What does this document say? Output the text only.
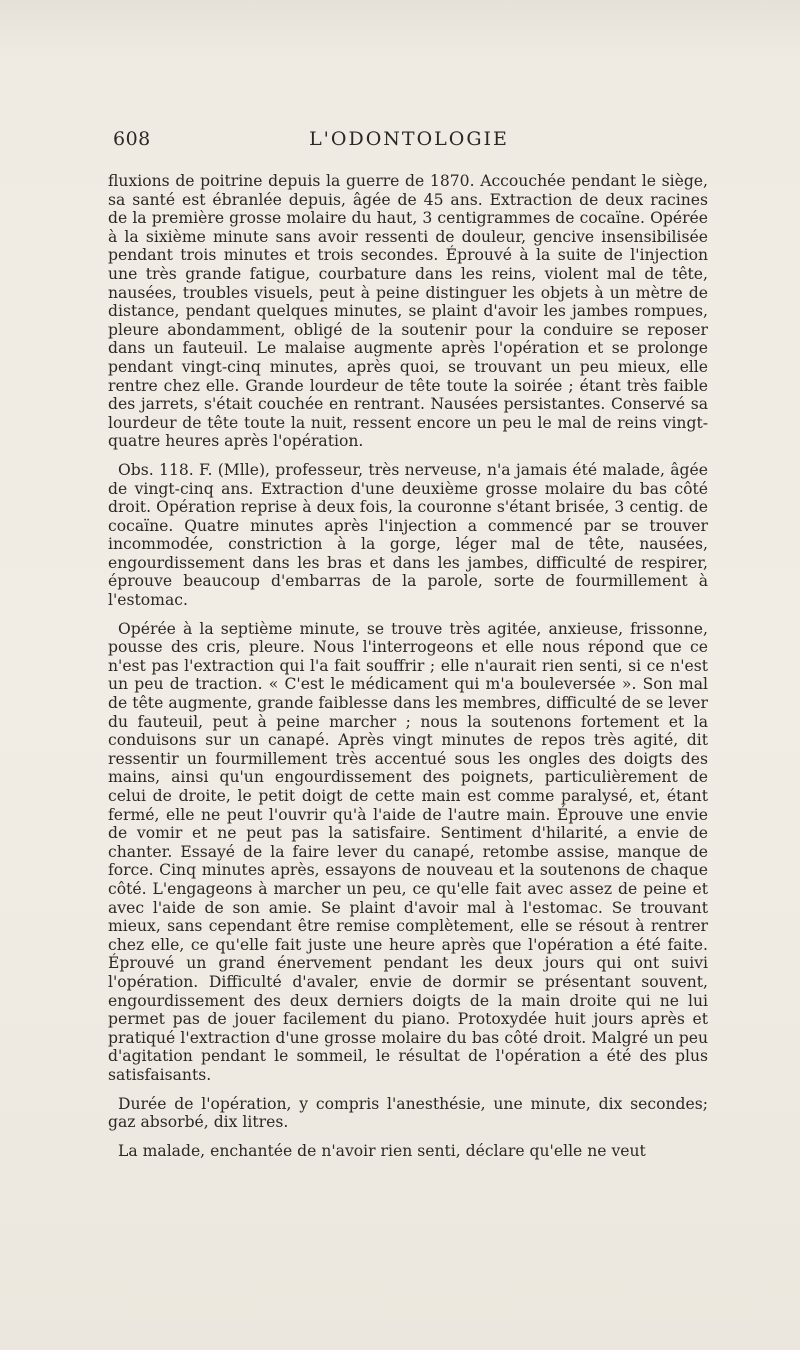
608	L'ODONTOLOGIE

fluxions de poitrine depuis la guerre de 1870. Accouchée pendant le siège, sa santé est ébranlée depuis, âgée de 45 ans. Extraction de deux racines de la première grosse molaire du haut, 3 centigrammes de cocaïne. Opérée à la sixième minute sans avoir ressenti de douleur, gencive insensibilisée pendant trois minutes et trois secondes. Éprouvé à la suite de l'injection une très grande fatigue, courbature dans les reins, violent mal de tête, nausées, troubles visuels, peut à peine distinguer les objets à un mètre de distance, pendant quelques minutes, se plaint d'avoir les jambes rompues, pleure abondamment, obligé de la soutenir pour la conduire se reposer dans un fauteuil. Le malaise augmente après l'opération et se prolonge pendant vingt-cinq minutes, après quoi, se trouvant un peu mieux, elle rentre chez elle. Grande lourdeur de tête toute la soirée ; étant très faible des jarrets, s'était couchée en rentrant. Nausées persistantes. Conservé sa lourdeur de tête toute la nuit, ressent encore un peu le mal de reins vingt-quatre heures après l'opération.

Obs. 118. F. (Mlle), professeur, très nerveuse, n'a jamais été malade, âgée de vingt-cinq ans. Extraction d'une deuxième grosse molaire du bas côté droit. Opération reprise à deux fois, la couronne s'étant brisée, 3 centig. de cocaïne. Quatre minutes après l'injection a commencé par se trouver incommodée, constriction à la gorge, léger mal de tête, nausées, engourdissement dans les bras et dans les jambes, difficulté de respirer, éprouve beaucoup d'embarras de la parole, sorte de fourmillement à l'estomac.

Opérée à la septième minute, se trouve très agitée, anxieuse, frissonne, pousse des cris, pleure. Nous l'interrogeons et elle nous répond que ce n'est pas l'extraction qui l'a fait souffrir ; elle n'aurait rien senti, si ce n'est un peu de traction. « C'est le médicament qui m'a bouleversée ». Son mal de tête augmente, grande faiblesse dans les membres, difficulté de se lever du fauteuil, peut à peine marcher ; nous la soutenons fortement et la conduisons sur un canapé. Après vingt minutes de repos très agité, dit ressentir un fourmillement très accentué sous les ongles des doigts des mains, ainsi qu'un engourdissement des poignets, particulièrement de celui de droite, le petit doigt de cette main est comme paralysé, et, étant fermé, elle ne peut l'ouvrir qu'à l'aide de l'autre main. Éprouve une envie de vomir et ne peut pas la satisfaire. Sentiment d'hilarité, a envie de chanter. Essayé de la faire lever du canapé, retombe assise, manque de force. Cinq minutes après, essayons de nouveau et la soutenons de chaque côté. L'engageons à marcher un peu, ce qu'elle fait avec assez de peine et avec l'aide de son amie. Se plaint d'avoir mal à l'estomac. Se trouvant mieux, sans cependant être remise complètement, elle se résout à rentrer chez elle, ce qu'elle fait juste une heure après que l'opération a été faite. Éprouvé un grand énervement pendant les deux jours qui ont suivi l'opération. Difficulté d'avaler, envie de dormir se présentant souvent, engourdissement des deux derniers doigts de la main droite qui ne lui permet pas de jouer facilement du piano. Protoxydée huit jours après et pratiqué l'extraction d'une grosse molaire du bas côté droit. Malgré un peu d'agitation pendant le sommeil, le résultat de l'opération a été des plus satisfaisants.

Durée de l'opération, y compris l'anesthésie, une minute, dix secondes; gaz absorbé, dix litres.

La malade, enchantée de n'avoir rien senti, déclare qu'elle ne veut
